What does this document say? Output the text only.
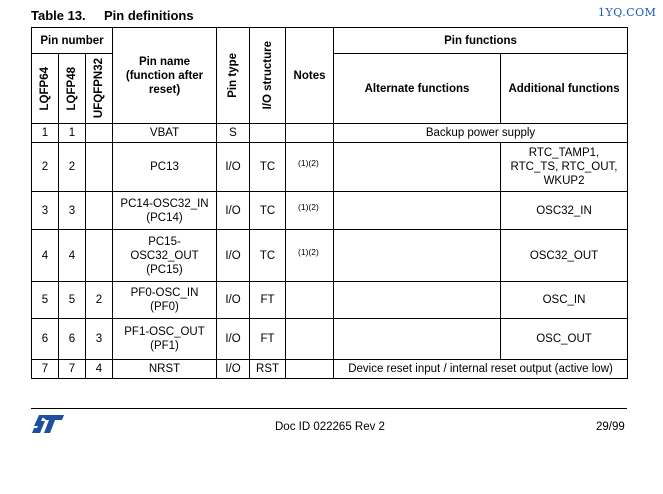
Table 13. Pin definitions	1YQ.COM
Pin number			Pin name
(function after
reset)	Pin type	I/O structure	Notes	Pin functions	

LQFP64	LQFP48	UFQFPN32					Alternate functions	Additional functions
1	1		VBAT	S			Backup power supply	
2	2		PC13	I/O	TC	(1)(2)		RTC_TAMP1,
RTC_TS, RTC_OUT,
WKUP2
3	3		PC14-OSC32_IN
(PC14)	I/O	TC	(1)(2)		OSC32_IN
4	4		PC15-
OSC32_OUT
(PC15)	I/O	TC	(1)(2)		OSC32_OUT
5	5	2	PF0-OSC_IN
(PF0)	I/O	FT			OSC_IN
6	6	3	PF1-OSC_OUT
(PF1)	I/O	FT			OSC_OUT
7	7	4	NRST	I/O	RST		Device reset input / internal reset output (active low)	
Doc ID 022265 Rev 2	29/99
